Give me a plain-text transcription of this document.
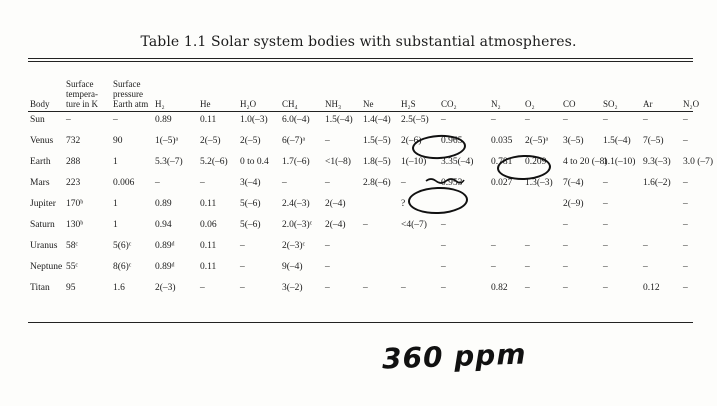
Table 1.1 Solar system bodies with substantial atmospheres.
Body	Surface tempera-ture in K	Surface pressure Earth atm	H₂	He	H₂O	CH₄	NH₃	Ne	H₂S	CO₂	N₂	O₂	CO	SO₂	Ar	N₂O
Sun	–	–	0.89	0.11	1.0(–3)	6.0(–4)	1.5(–4)	1.4(–4)	2.5(–5)	–	–	–	–	–	–	–
Venus	732	90	1(–5)ᵃ	2(–5)	2(–5)	6(–7)ᵃ	–	1.5(–5)	2(–6)	0.965	0.035	2(–5)ᵃ	3(–5)	1.5(–4)	7(–5)	–
Earth	288	1	5.3(–7)	5.2(–6)	0 to 0.4	1.7(–6)	<1(–8)	1.8(–5)	1(–10)	3.35(–4)	0.781	0.209	4 to 20 (–8)	1.1(–10)	9.3(–3)	3.0 (–7)
Mars	223	0.006	–	–	3(–4)	–	–	2.8(–6)	–	0.953	0.027	1.3(–3)	7(–4)	–	1.6(–2)	–
Jupiter	170ᵇ	1	0.89	0.11	5(–6)	2.4(–3)	2(–4)		?				2(–9)	–		–
Saturn	130ᵇ	1	0.94	0.06	5(–6)	2.0(–3)ᶜ	2(–4)	–	<4(–7)	–			–	–		–
Uranus	58ᶜ	5(6)ᶜ	0.89ᵈ	0.11	–	2(–3)ᶜ	–			–	–	–	–	–	–	–
Neptune	55ᶜ	8(6)ᶜ	0.89ᵈ	0.11	–	9(–4)	–			–	–	–	–	–	–	–
Titan	95	1.6	2(–3)	–	–	3(–2)	–	–	–	–	0.82	–	–	–	0.12	–
360 ppm
